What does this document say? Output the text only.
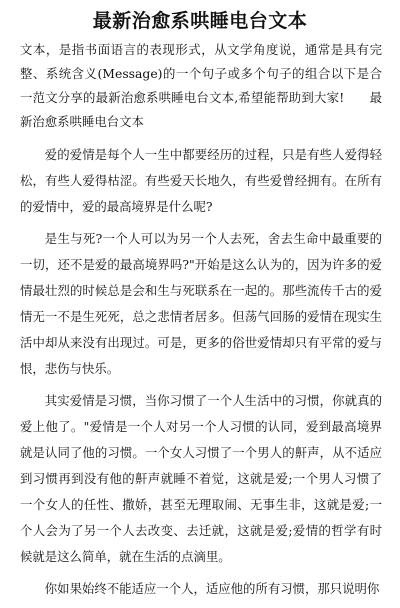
最新治愈系哄睡电台文本

文本，是指书面语言的表现形式，从文学角度说，通常是具有完整、系统含义(Message)的一个句子或多个句子的组合以下是合一范文分享的最新治愈系哄睡电台文本,希望能帮助到大家!　　最新治愈系哄睡电台文本

爱的爱情是每个人一生中都要经历的过程，只是有些人爱得轻松，有些人爱得枯涩。有些爱天长地久，有些爱曾经拥有。在所有的爱情中，爱的最高境界是什么呢?

是生与死?一个人可以为另一个人去死，舍去生命中最重要的一切，还不是爱的最高境界吗?"开始是这么认为的，因为许多的爱情最壮烈的时候总是会和生与死联系在一起的。那些流传千古的爱情无一不是生死死，总之悲情者居多。但荡气回肠的爱情在现实生活中却从来没有出现过。可是，更多的俗世爱情却只有平常的爱与恨，悲伤与快乐。

其实爱情是习惯，当你习惯了一个人生活中的习惯，你就真的爱上他了。"爱情是一个人对另一个人习惯的认同，爱到最高境界就是认同了他的习惯。一个女人习惯了一个男人的鼾声，从不适应到习惯再到没有他的鼾声就睡不着觉，这就是爱;一个男人习惯了一个女人的任性、撒娇，甚至无理取闹、无事生非，这就是爱;一个人会为了另一个人去改变、去迁就，这就是爱;爱情的哲学有时候就是这么简单，就在生活的点滴里。

你如果始终不能适应一个人，适应他的所有习惯，那只说明你
